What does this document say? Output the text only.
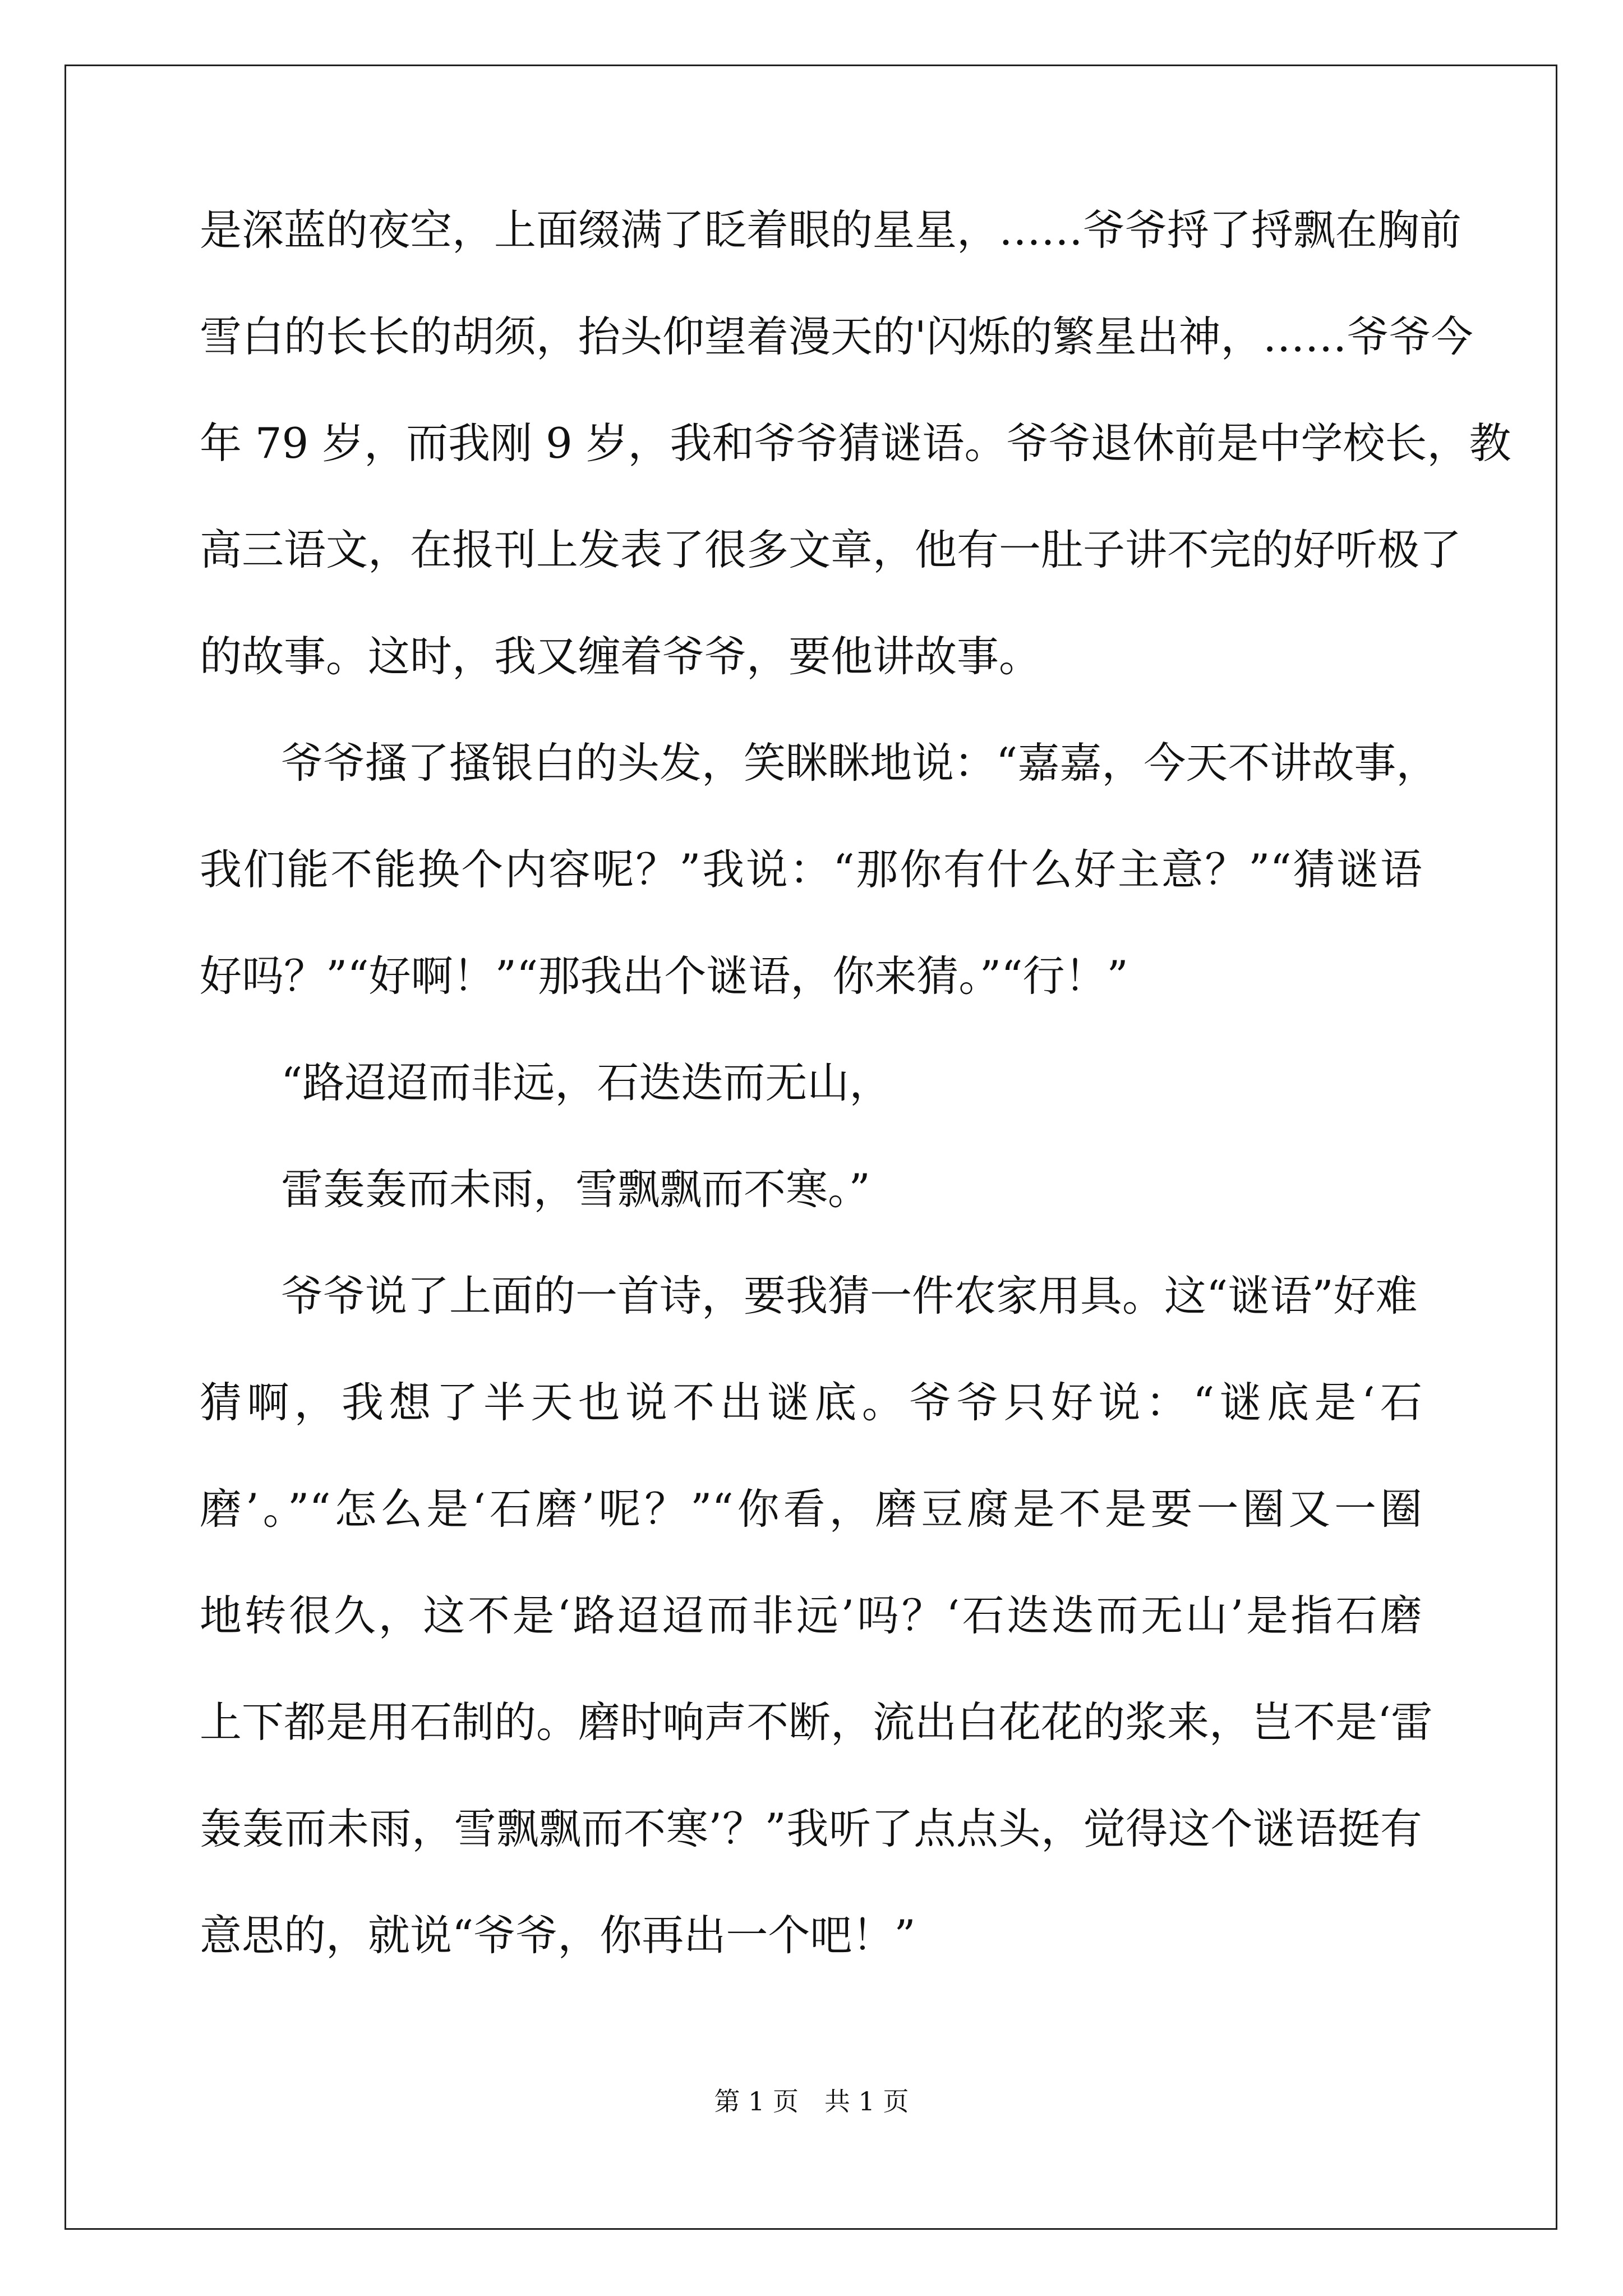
是深蓝的夜空，上面缀满了眨着眼的星星，……爷爷捋了捋飘在胸前
雪白的长长的胡须，抬头仰望着漫天的'闪烁的繁星出神，……爷爷今
年 79 岁，而我刚 9 岁，我和爷爷猜谜语。爷爷退休前是中学校长，教
高三语文，在报刊上发表了很多文章，他有一肚子讲不完的好听极了
的故事。这时，我又缠着爷爷，要他讲故事。
爷爷搔了搔银白的头发，笑眯眯地说：“嘉嘉，今天不讲故事，
我们能不能换个内容呢？”我说：“那你有什么好主意？”“猜谜语
好吗？”“好啊！”“那我出个谜语，你来猜。”“行！”
“路迢迢而非远，石迭迭而无山，
雷轰轰而未雨，雪飘飘而不寒。”
爷爷说了上面的一首诗，要我猜一件农家用具。这“谜语”好难
猜啊，我想了半天也说不出谜底。爷爷只好说：“谜底是‘石
磨’。”“怎么是‘石磨’呢？”“你看，磨豆腐是不是要一圈又一圈
地转很久，这不是‘路迢迢而非远’吗？‘石迭迭而无山’是指石磨
上下都是用石制的。磨时响声不断，流出白花花的浆来，岂不是‘雷
轰轰而未雨，雪飘飘而不寒’？”我听了点点头，觉得这个谜语挺有
意思的，就说“爷爷，你再出一个吧！”
第 1 页　共 1 页
